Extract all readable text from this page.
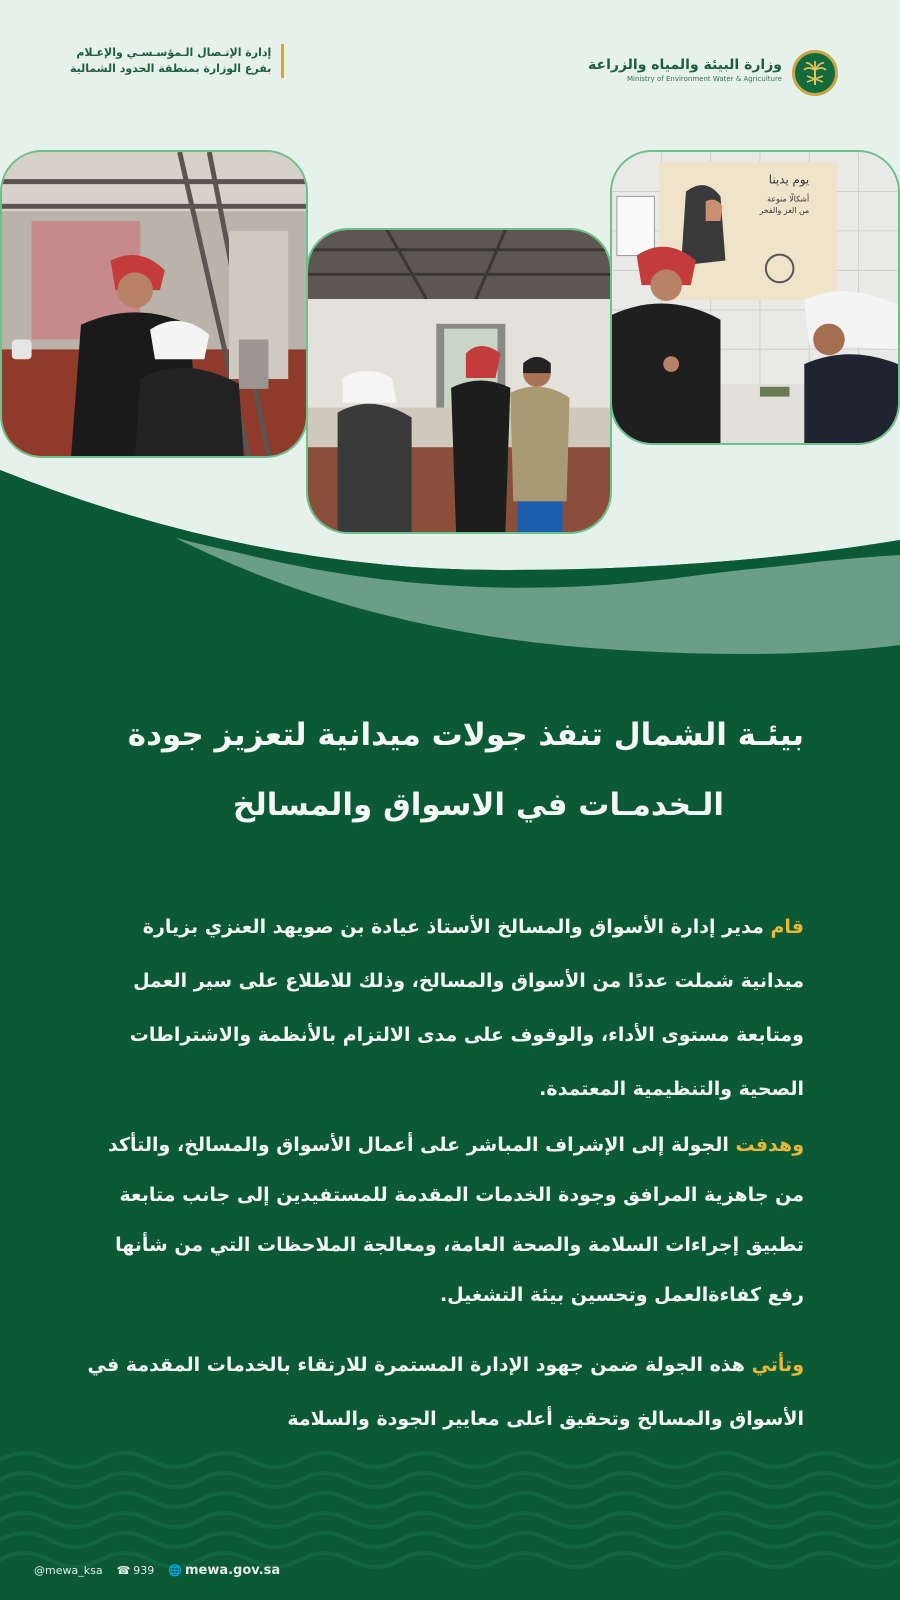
وزارة البيئة والمياه والزراعة
Ministry of Environment Water & Agriculture
إدارة الإتـصال الـمؤسـسـي والإعـلام
بفرع الوزارة بمنطقة الحدود الشمالية
يوم يدينا
أشكالًا منوعة
من العز والفخر
بيئـة الشمال تنفذ جولات ميدانية لتعزيز جودة
الـخدمـات في الاسواق والمسالخ

قام مدير إدارة الأسواق والمسالخ الأستاذ عيادة بن صويهد العنزي بزيارة ميدانية شملت عددًا من الأسواق والمسالخ، وذلك للاطلاع على سير العمل ومتابعة مستوى الأداء، والوقوف على مدى الالتزام بالأنظمة والاشتراطات الصحية والتنظيمية المعتمدة.

وهدفت الجولة إلى الإشراف المباشر على أعمال الأسواق والمسالخ، والتأكد من جاهزية المرافق وجودة الخدمات المقدمة للمستفيدين إلى جانب متابعة تطبيق إجراءات السلامة والصحة العامة، ومعالجة الملاحظات التي من شأنها رفع كفاءةالعمل وتحسين بيئة التشغيل.

وتأتي هذه الجولة ضمن جهود الإدارة المستمرة للارتقاء بالخدمات المقدمة في الأسواق والمسالخ وتحقيق أعلى معايير الجودة والسلامة

@mewa_ksa ☎ 939 🌐 mewa.gov.sa
